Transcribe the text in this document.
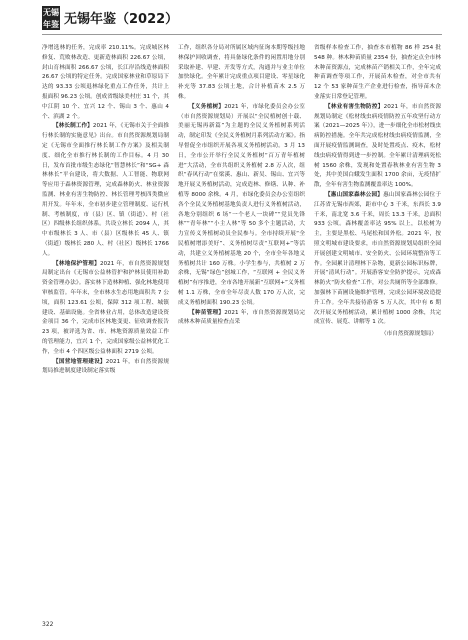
无锡
年鉴 无锡年鉴（2022）

净增选林的任务，完成率 210.11%。完成城区林修复、荒败林改造、更新造林面积 226.67 公顷，封山育林面积 266.67 公顷，长江岸沿线造林面积 26.67 公顷的特定任务。完成国家林业和草原局下达的 93.33 公顷退林绿化重点工作任务，共计上报面积 96.23 公顷。创成省级绿美村庄 31 个，其中江阴 10 个、宜兴 12 个、锡山 3 个、惠山 4 个、滨湖 2 个。

【林长制工作】2021 年，《无锡市关于全面推行林长制的实施意见》出台。市自然资源规划局制定《无锡市全面推行林长制工作方案》及相关制度、细化全市推行林长制的工作目标。4 月 30 日，发布首批市级生态绿化“智慧林长”和“SG+ 森林林长”平台建设，将大数据、人工智能、物联网等应用于森林资源管理，完成森林防火、林业资源监测、林业有害生物防控、林长管理考核四类微应用开发。年年末，全市初步建立管理制度、运行机制、考核制度，市（县）区、镇（街道）、村（社区）四级林长组织体系。共设立林长 2094 人，其中市级林长 3 人、市（县）区级林长 45 人、镇（街道）级林长 280 人、村（社区）级林长 1766 人。

【林地保护管理】2021 年，市自然资源规划局制定出台《无锡市公益林管护和护林员使用补助资金管理办法》。落实林下造林种植、强化林地使用审核监管。年年末，全市林水生态用地面积共 7 公顷，面积 123.61 公顷，保障 312 项工程、城镇建设、基础设施。全省林业占用，总体改造建设资金项目 36 个，完成市区林地变更、征收调查报告 23 项，被评选为省、市、林地资源质量效益工作的管理能力，宜兴 1 个，完成国家级公益林优化工作，全市 4 个四区级公益林面积 2719 公顷。

【国营地管理建设】2021 年，市自然资源规划局推进制度建设制定落实级

工作，组织各分局对所属区域内征询本期等级挂地林保护回收调查，将具备绿化条件的闲置用地分别采取补建、早建、开发等方式，沟通并与业主单位加快绿化。全年累计完成重点项目建设、零星绿化补充等 37.83 公顷土地，合计补植苗木 2.5 万株。

【义务植树】2021 年，市绿化委员会办公室（市自然资源规划局）开展以“全民植树创十载、美丽无锡再新篇”为主题的全民义务植树系列活动，制定印发《全民义务植树月系列活动方案》。指导督促全市组织开展各项义务植树活动。3 月 13 日，全市公开举行全民义务植树“百万青年植树进”大活动，全市共组织义务植树 2.8 万人次，组织“春风行动”在梁溪、惠山、新吴、锡山、宜兴等地开展义务植树活动，完成造林、修缮、认种、补植等 8000 余株。4 月，市绿化委员会办公室组织各个全民义务植树基地负责人进行义务植树活动，各地分别组织 6 场“一个老人一块碑”“党员先锋林”“青年林”“小主人林”等 50 多个主题活动，大力宣传义务植树动员全民参与。全市持续开展“全民植树增添美好”、义务植树尽责“互联网+”等活动，共建立义务植树基地 20 个，全市全年各地义务植树共计 160 万株。小学生参与，共植树 2 万余株，无锡“绿色”创城工作，“互联网 + 全民义务植树”有序推进，全市各地开展新“互联网+”义务植树 1.1 万株，全市全年尽责人数 170 万人次，完成义务植树面积 190.23 公顷。

【种苗管理】2021 年，市自然资源规划局完成林木种苗质量检查点采

省级样本检查工作，抽查本市植物 86 样 254 批 548 种。林木种苗质量 2354 份，抽查定点全市林木种苗资源点，完成林苗产销相关工作，全年完成种苗调查等项工作，开展苗木检查，对全市共有 12 个 53 家种苗生产企业进行检查，指导苗木企业落实日常登记管理。

【林业有害生物防控】2021 年，市自然资源规划局制定《松材线虫病疫情防控五年攻坚行动方案（2021—2025 年）》，进一步细化全市松材线虫病防控措施。全年共完成松材线虫病疫情监测，全面开展疫情监测调查，及时处置疫点、疫木，松材线虫病疫情得到进一步控制。全年累计清理病死松树 1560 余株，发现和处置春秋林业有害生物 3 处，其中美国白蛾发生面积 1700 余亩，无疫情扩散，全年有害生物监测覆盖率达 100%。

【惠山国家森林公园】惠山国家森林公园位于江苏省无锡市西郊，距市中心 3 千米，东西长 3.9 千米，南北宽 3.6 千米，周长 13.3 千米，总面积 933 公顷。森林覆盖率达 95% 以上，以松树为主，主要是黑松、马尾松和国外松。2021 年，按照文明城市建设要求，市自然资源规划局组织全园开展创建文明城市、安全防火、公园环境整治等工作。全园累计清理林下杂物，更新公园标识标牌，开展“清风行动”。开展游客安全防护提示，完成森林防火“防火检查”工作，对公共厕所等全部维修。加强林下苗圃设施维护管理，完成公园环境改造提升工作。全年共接待游客 5 万人次，其中有 6 期次开展义务植树活动，累计植树 1000 余株，共完成宣传、展览、讲解等 1 次。

（市自然资源规划局）
322
